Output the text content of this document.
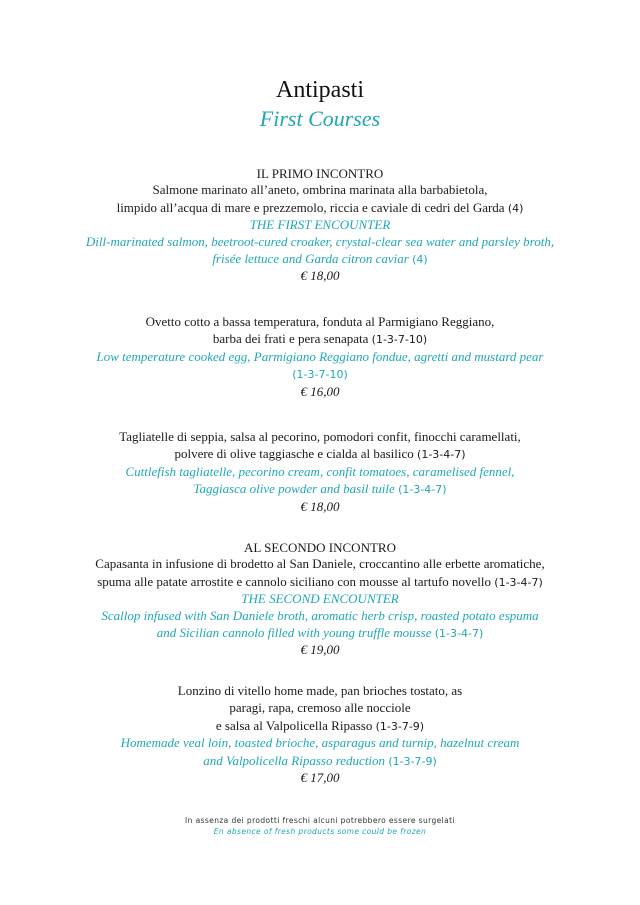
Antipasti
First Courses
IL PRIMO INCONTRO
Salmone marinato all’aneto, ombrina marinata alla barbabietola,
limpido all’acqua di mare e prezzemolo, riccia e caviale di cedri del Garda (4)
THE FIRST ENCOUNTER
Dill-marinated salmon, beetroot-cured croaker, crystal-clear sea water and parsley broth,
frisée lettuce and Garda citron caviar (4)
€ 18,00
Ovetto cotto a bassa temperatura, fonduta al Parmigiano Reggiano,
barba dei frati e pera senapata (1-3-7-10)
Low temperature cooked egg, Parmigiano Reggiano fondue, agretti and mustard pear
(1-3-7-10)
€ 16,00
Tagliatelle di seppia, salsa al pecorino, pomodori confit, finocchi caramellati,
polvere di olive taggiasche e cialda al basilico (1-3-4-7)
Cuttlefish tagliatelle, pecorino cream, confit tomatoes, caramelised fennel,
Taggiasca olive powder and basil tuile (1-3-4-7)
€ 18,00
AL SECONDO INCONTRO
Capasanta in infusione di brodetto al San Daniele, croccantino alle erbette aromatiche,
spuma alle patate arrostite e cannolo siciliano con mousse al tartufo novello (1-3-4-7)
THE SECOND ENCOUNTER
Scallop infused with San Daniele broth, aromatic herb crisp, roasted potato espuma
and Sicilian cannolo filled with young truffle mousse (1-3-4-7)
€ 19,00
Lonzino di vitello home made, pan brioches tostato, as
paragi, rapa, cremoso alle nocciole
e salsa al Valpolicella Ripasso (1-3-7-9)
Homemade veal loin, toasted brioche, asparagus and turnip, hazelnut cream
and Valpolicella Ripasso reduction (1-3-7-9)
€ 17,00
In assenza dei prodotti freschi alcuni potrebbero essere surgelati
En absence of fresh products some could be frozen
